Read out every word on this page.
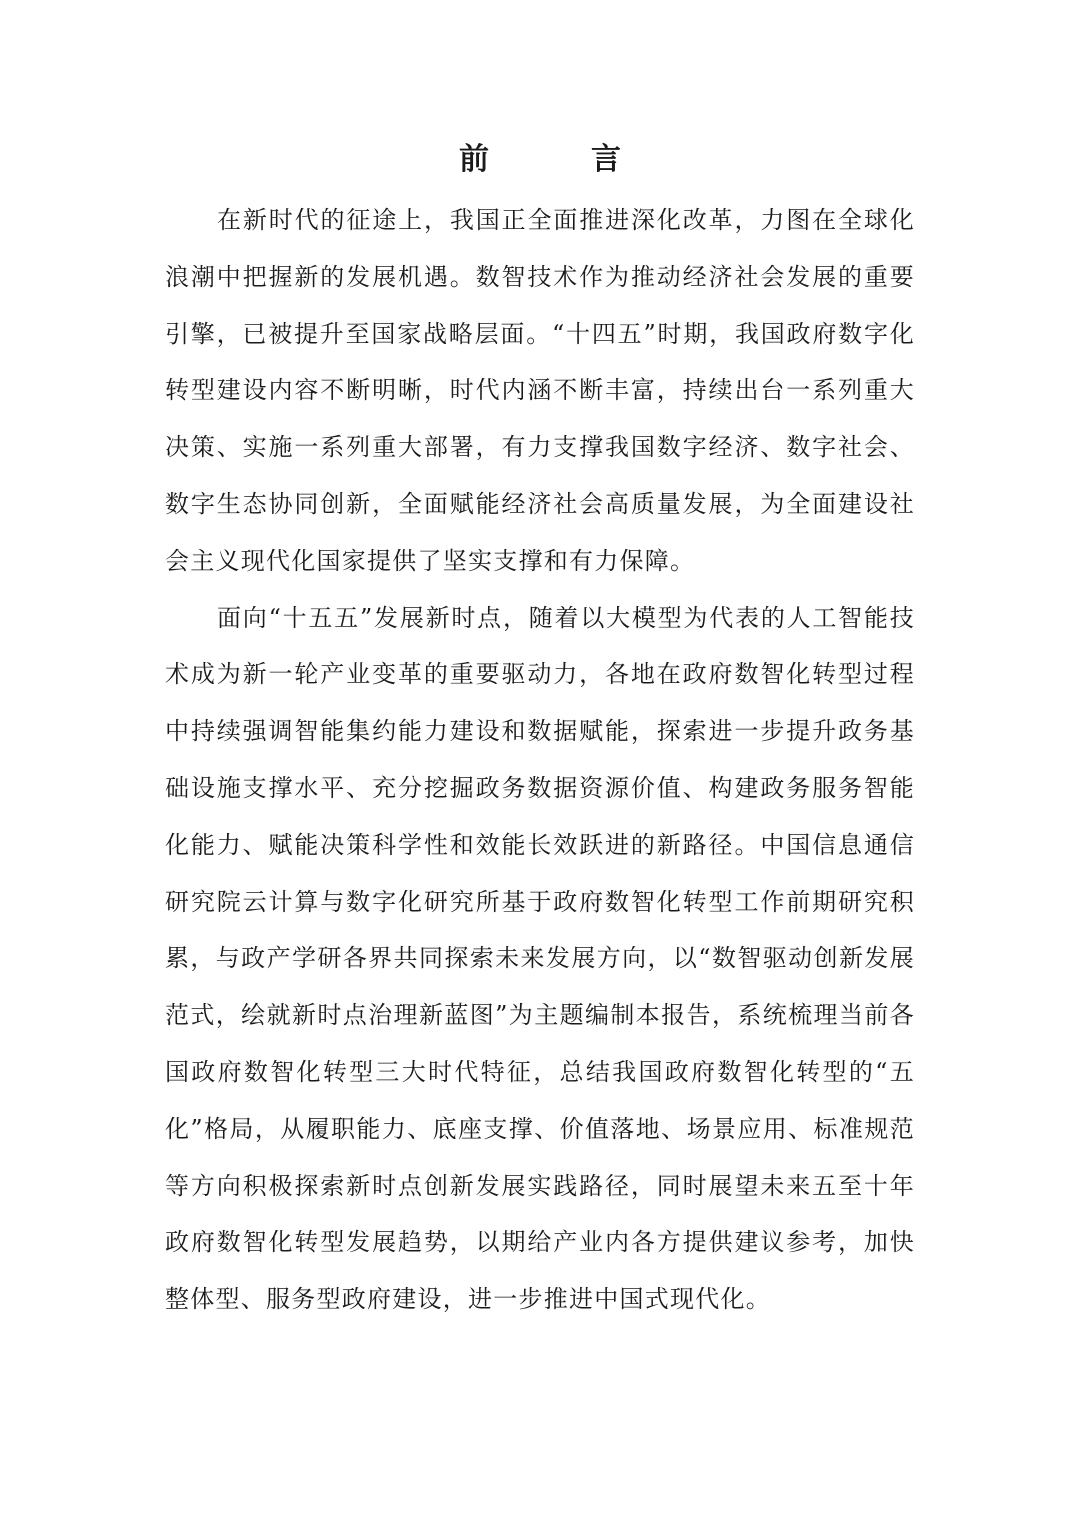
前　言

在新时代的征途上，我国正全面推进深化改革，力图在全球化浪潮中把握新的发展机遇。数智技术作为推动经济社会发展的重要引擎，已被提升至国家战略层面。“十四五”时期，我国政府数字化转型建设内容不断明晰，时代内涵不断丰富，持续出台一系列重大决策、实施一系列重大部署，有力支撑我国数字经济、数字社会、数字生态协同创新，全面赋能经济社会高质量发展，为全面建设社会主义现代化国家提供了坚实支撑和有力保障。

面向“十五五”发展新时点，随着以大模型为代表的人工智能技术成为新一轮产业变革的重要驱动力，各地在政府数智化转型过程中持续强调智能集约能力建设和数据赋能，探索进一步提升政务基础设施支撑水平、充分挖掘政务数据资源价值、构建政务服务智能化能力、赋能决策科学性和效能长效跃进的新路径。中国信息通信研究院云计算与数字化研究所基于政府数智化转型工作前期研究积累，与政产学研各界共同探索未来发展方向，以“数智驱动创新发展范式，绘就新时点治理新蓝图”为主题编制本报告，系统梳理当前各国政府数智化转型三大时代特征，总结我国政府数智化转型的“五化”格局，从履职能力、底座支撑、价值落地、场景应用、标准规范等方向积极探索新时点创新发展实践路径，同时展望未来五至十年政府数智化转型发展趋势，以期给产业内各方提供建议参考，加快整体型、服务型政府建设，进一步推进中国式现代化。
